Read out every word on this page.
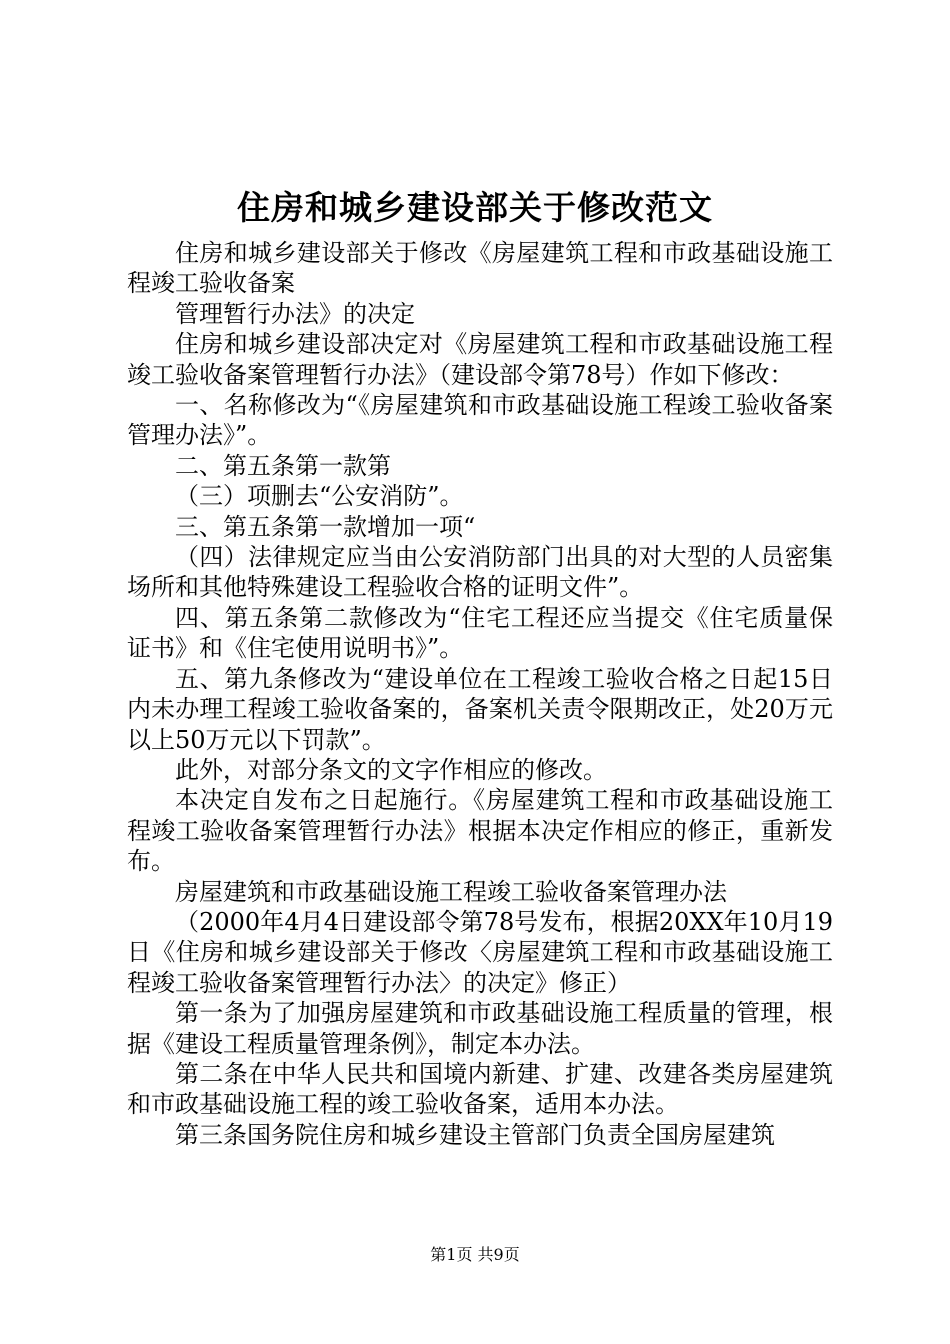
住房和城乡建设部关于修改范文

住房和城乡建设部关于修改《房屋建筑工程和市政基础设施工程竣工验收备案

管理暂行办法》的决定

住房和城乡建设部决定对《房屋建筑工程和市政基础设施工程竣工验收备案管理暂行办法》（建设部令第78号）作如下修改：

一、名称修改为“《房屋建筑和市政基础设施工程竣工验收备案管理办法》”。

二、第五条第一款第

（三）项删去“公安消防”。

三、第五条第一款增加一项“

（四）法律规定应当由公安消防部门出具的对大型的人员密集场所和其他特殊建设工程验收合格的证明文件”。

四、第五条第二款修改为“住宅工程还应当提交《住宅质量保证书》和《住宅使用说明书》”。

五、第九条修改为“建设单位在工程竣工验收合格之日起15日内未办理工程竣工验收备案的，备案机关责令限期改正，处20万元以上50万元以下罚款”。

此外，对部分条文的文字作相应的修改。

本决定自发布之日起施行。《房屋建筑工程和市政基础设施工程竣工验收备案管理暂行办法》根据本决定作相应的修正，重新发布。

房屋建筑和市政基础设施工程竣工验收备案管理办法

（2000年4月4日建设部令第78号发布，根据20XX年10月19日《住房和城乡建设部关于修改〈房屋建筑工程和市政基础设施工程竣工验收备案管理暂行办法〉的决定》修正）

第一条为了加强房屋建筑和市政基础设施工程质量的管理，根据《建设工程质量管理条例》，制定本办法。

第二条在中华人民共和国境内新建、扩建、改建各类房屋建筑和市政基础设施工程的竣工验收备案，适用本办法。

第三条国务院住房和城乡建设主管部门负责全国房屋建筑

第1页 共9页
